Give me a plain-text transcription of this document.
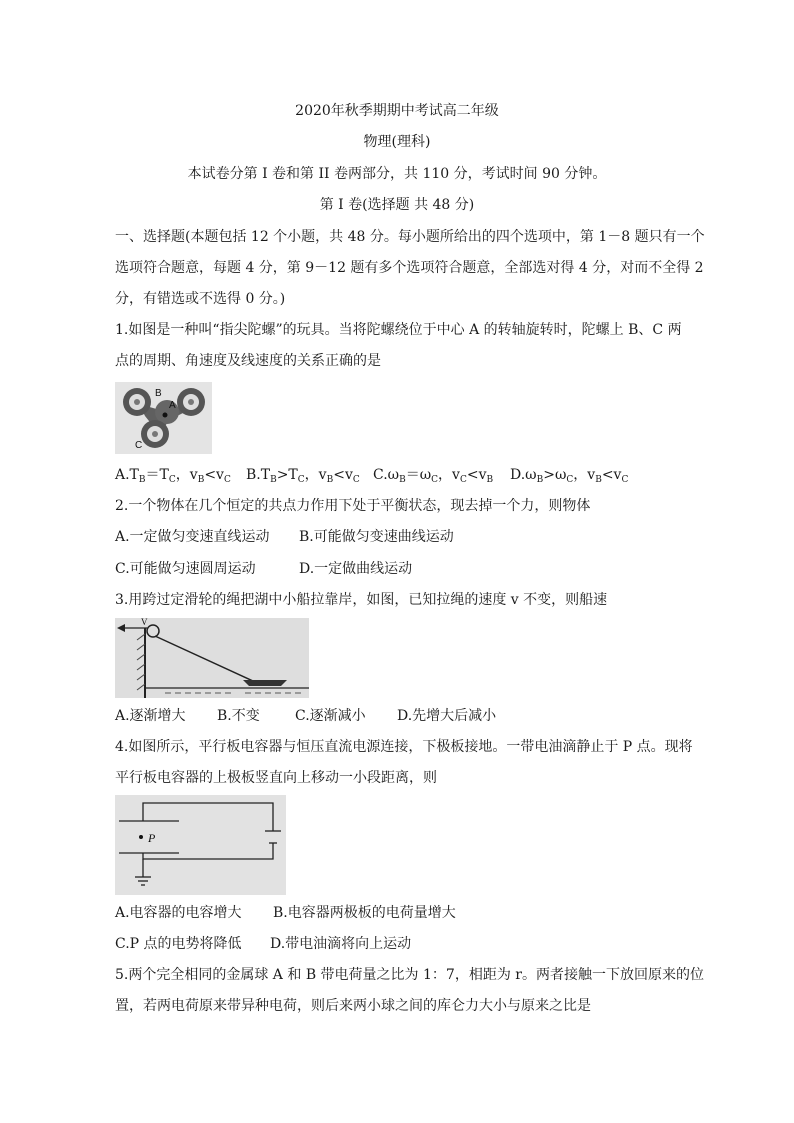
2020年秋季期期中考试高二年级
物理(理科)
本试卷分第 I 卷和第 II 卷两部分，共 110 分，考试时间 90 分钟。
第 I 卷(选择题 共 48 分)
一、选择题(本题包括 12 个小题，共 48 分。每小题所给出的四个选项中，第 1－8 题只有一个
选项符合题意，每题 4 分，第 9－12 题有多个选项符合题意，全部选对得 4 分，对而不全得 2
分，有错选或不选得 0 分。)
1.如图是一种叫“指尖陀螺”的玩具。当将陀螺绕位于中心 A 的转轴旋转时，陀螺上 B、C 两
点的周期、角速度及线速度的关系正确的是
B
A
C
$A.T_B=T_C$，$v_B<v_C$ $B.T_B>T_C$，$v_B<v_C$ $C.\omega_B=\omega_C$，$v_C<v_B$ $D.\omega_B>\omega_C$，$v_B<v_C$
2.一个物体在几个恒定的共点力作用下处于平衡状态，现去掉一个力，则物体
A.一定做匀变速直线运动 B.可能做匀变速曲线运动
C.可能做匀速圆周运动	D.一定做曲线运动
3.用跨过定滑轮的绳把湖中小船拉靠岸，如图，已知拉绳的速度 v 不变，则船速
V
A.逐渐增大 B.不变	C.逐渐减小 D.先增大后减小
4.如图所示，平行板电容器与恒压直流电源连接，下极板接地。一带电油滴静止于 P 点。现将
平行板电容器的上极板竖直向上移动一小段距离，则
P
A.电容器的电容增大 B.电容器两极板的电荷量增大
C.P 点的电势将降低 D.带电油滴将向上运动
5.两个完全相同的金属球 A 和 B 带电荷量之比为 1：7，相距为 r。两者接触一下放回原来的位
置，若两电荷原来带异种电荷，则后来两小球之间的库仑力大小与原来之比是
